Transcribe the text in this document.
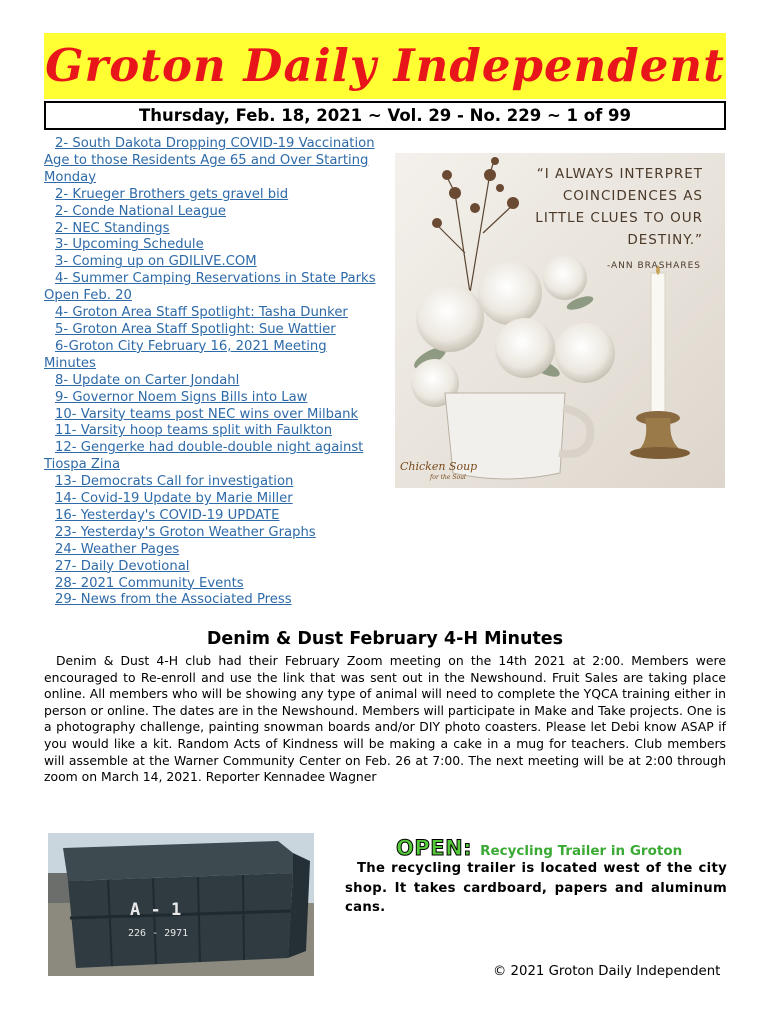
Groton Daily Independent
Thursday, Feb. 18, 2021 ~ Vol. 29 - No. 229 ~ 1 of 99
2- South Dakota Dropping COVID-19 Vaccination Age to those Residents Age 65 and Over Starting Monday
2- Krueger Brothers gets gravel bid
2- Conde National League
2- NEC Standings
3- Upcoming Schedule
3- Coming up on GDILIVE.COM
4- Summer Camping Reservations in State Parks Open Feb. 20
4- Groton Area Staff Spotlight: Tasha Dunker
5- Groton Area Staff Spotlight: Sue Wattier
6-Groton City February 16, 2021 Meeting Minutes
8- Update on Carter Jondahl
9- Governor Noem Signs Bills into Law
10- Varsity teams post NEC wins over Milbank
11- Varsity hoop teams split with Faulkton
12- Gengerke had double-double night against Tiospa Zina
13- Democrats Call for investigation
14- Covid-19 Update by Marie Miller
16- Yesterday's COVID-19 UPDATE
23- Yesterday's Groton Weather Graphs
24- Weather Pages
27- Daily Devotional
28- 2021 Community Events
29- News from the Associated Press
“I ALWAYS INTERPRET
COINCIDENCES AS
LITTLE CLUES TO OUR
DESTINY.”
-ANN BRASHARES
Chicken Soup
for the Soul
Denim & Dust February 4-H Minutes
Denim & Dust 4-H club had their February Zoom meeting on the 14th 2021 at 2:00. Members were encouraged to Re-enroll and use the link that was sent out in the Newshound. Fruit Sales are taking place online. All members who will be showing any type of animal will need to complete the YQCA training either in person or online. The dates are in the Newshound. Members will participate in Make and Take projects. One is a photography challenge, painting snowman boards and/or DIY photo coasters. Please let Debi know ASAP if you would like a kit. Random Acts of Kindness will be making a cake in a mug for teachers. Club members will assemble at the Warner Community Center on Feb. 26 at 7:00. The next meeting will be at 2:00 through zoom on March 14, 2021. Reporter Kennadee Wagner
A - 1
226 - 2971
OPEN: Recycling Trailer in Groton
The recycling trailer is located west of the city shop. It takes cardboard, papers and aluminum cans.
© 2021 Groton Daily Independent
